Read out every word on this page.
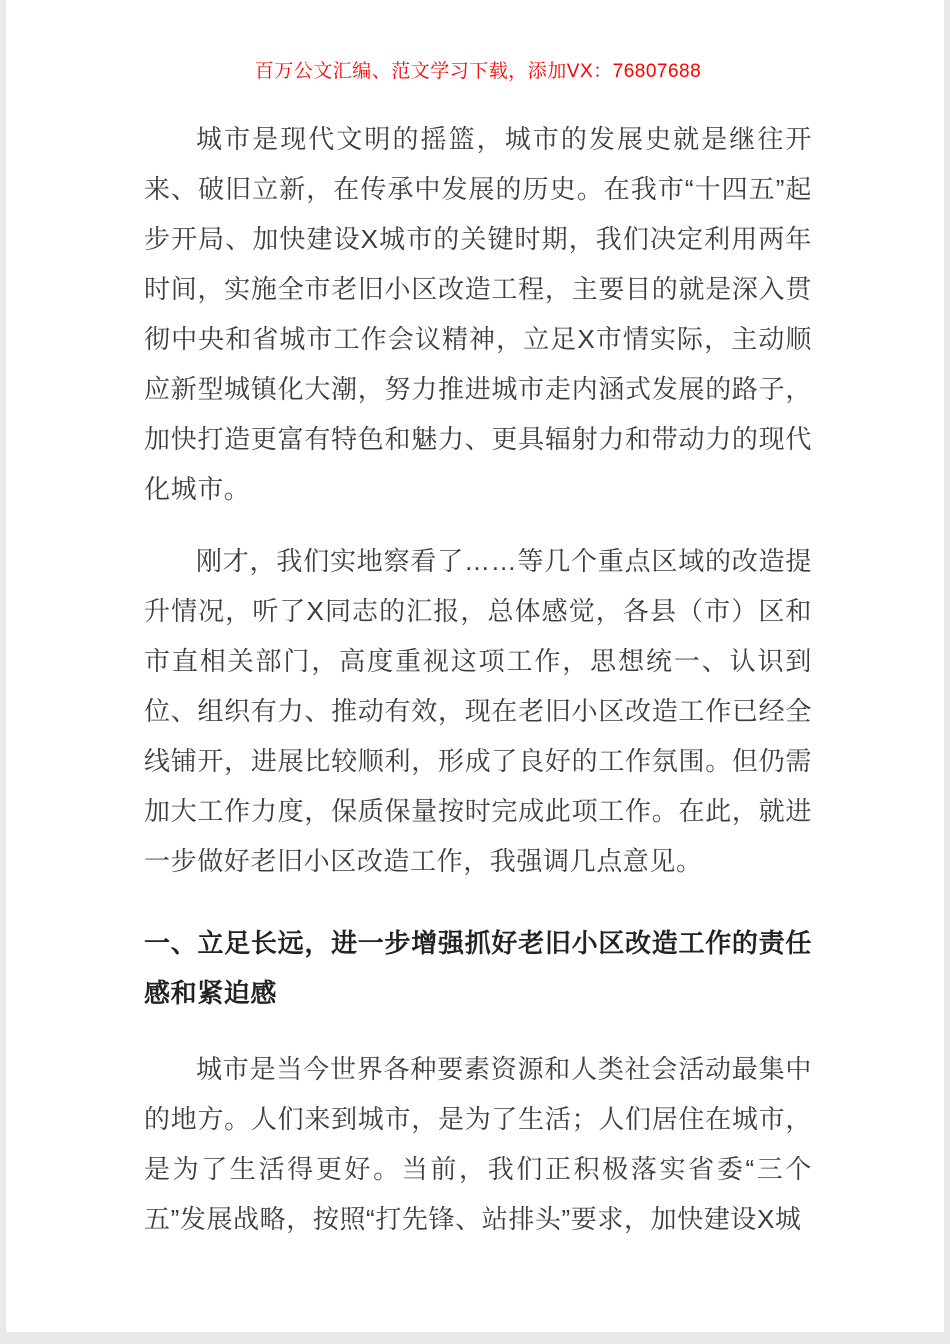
百万公文汇编、范文学习下载，添加VX：76807688

城市是现代文明的摇篮，城市的发展史就是继往开来、破旧立新，在传承中发展的历史。在我市“十四五”起步开局、加快建设X城市的关键时期，我们决定利用两年时间，实施全市老旧小区改造工程，主要目的就是深入贯彻中央和省城市工作会议精神，立足X市情实际，主动顺应新型城镇化大潮，努力推进城市走内涵式发展的路子，加快打造更富有特色和魅力、更具辐射力和带动力的现代化城市。

刚才，我们实地察看了……等几个重点区域的改造提升情况，听了X同志的汇报，总体感觉，各县（市）区和市直相关部门，高度重视这项工作，思想统一、认识到位、组织有力、推动有效，现在老旧小区改造工作已经全线铺开，进展比较顺利，形成了良好的工作氛围。但仍需加大工作力度，保质保量按时完成此项工作。在此，就进一步做好老旧小区改造工作，我强调几点意见。

一、立足长远，进一步增强抓好老旧小区改造工作的责任感和紧迫感

城市是当今世界各种要素资源和人类社会活动最集中的地方。人们来到城市，是为了生活；人们居住在城市，是为了生活得更好。当前，我们正积极落实省委“三个五”发展战略，按照“打先锋、站排头”要求，加快建设X城
